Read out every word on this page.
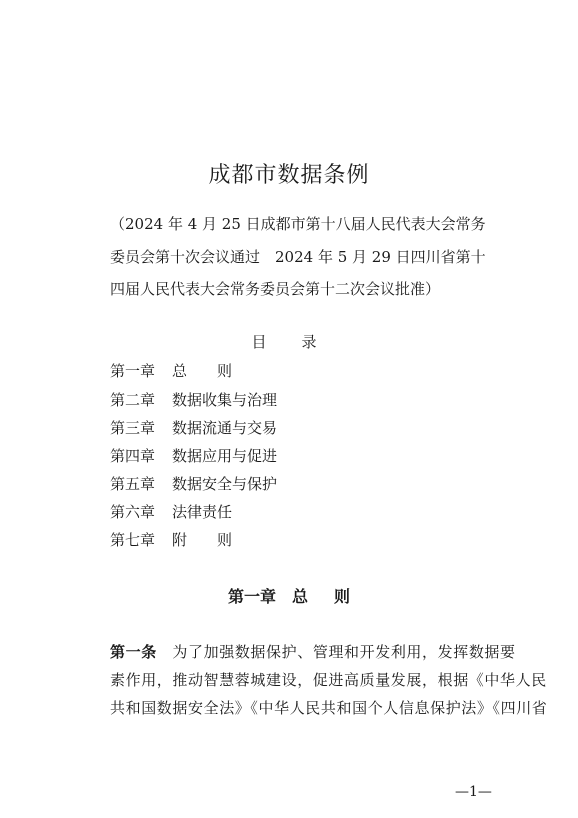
成都市数据条例
（2024 年 4 月 25 日成都市第十八届人民代表大会常务
委员会第十次会议通过　2024 年 5 月 29 日四川省第十
四届人民代表大会常务委员会第十二次会议批准）
目　录
第一章 总　　则
第二章 数据收集与治理
第三章 数据流通与交易
第四章 数据应用与促进
第五章 数据安全与保护
第六章 法律责任
第七章 附　　则
第一章 总 则
第一条　为了加强数据保护、管理和开发利用，发挥数据要
素作用，推动智慧蓉城建设，促进高质量发展，根据《中华人民
共和国数据安全法》《中华人民共和国个人信息保护法》《四川省
—1—
